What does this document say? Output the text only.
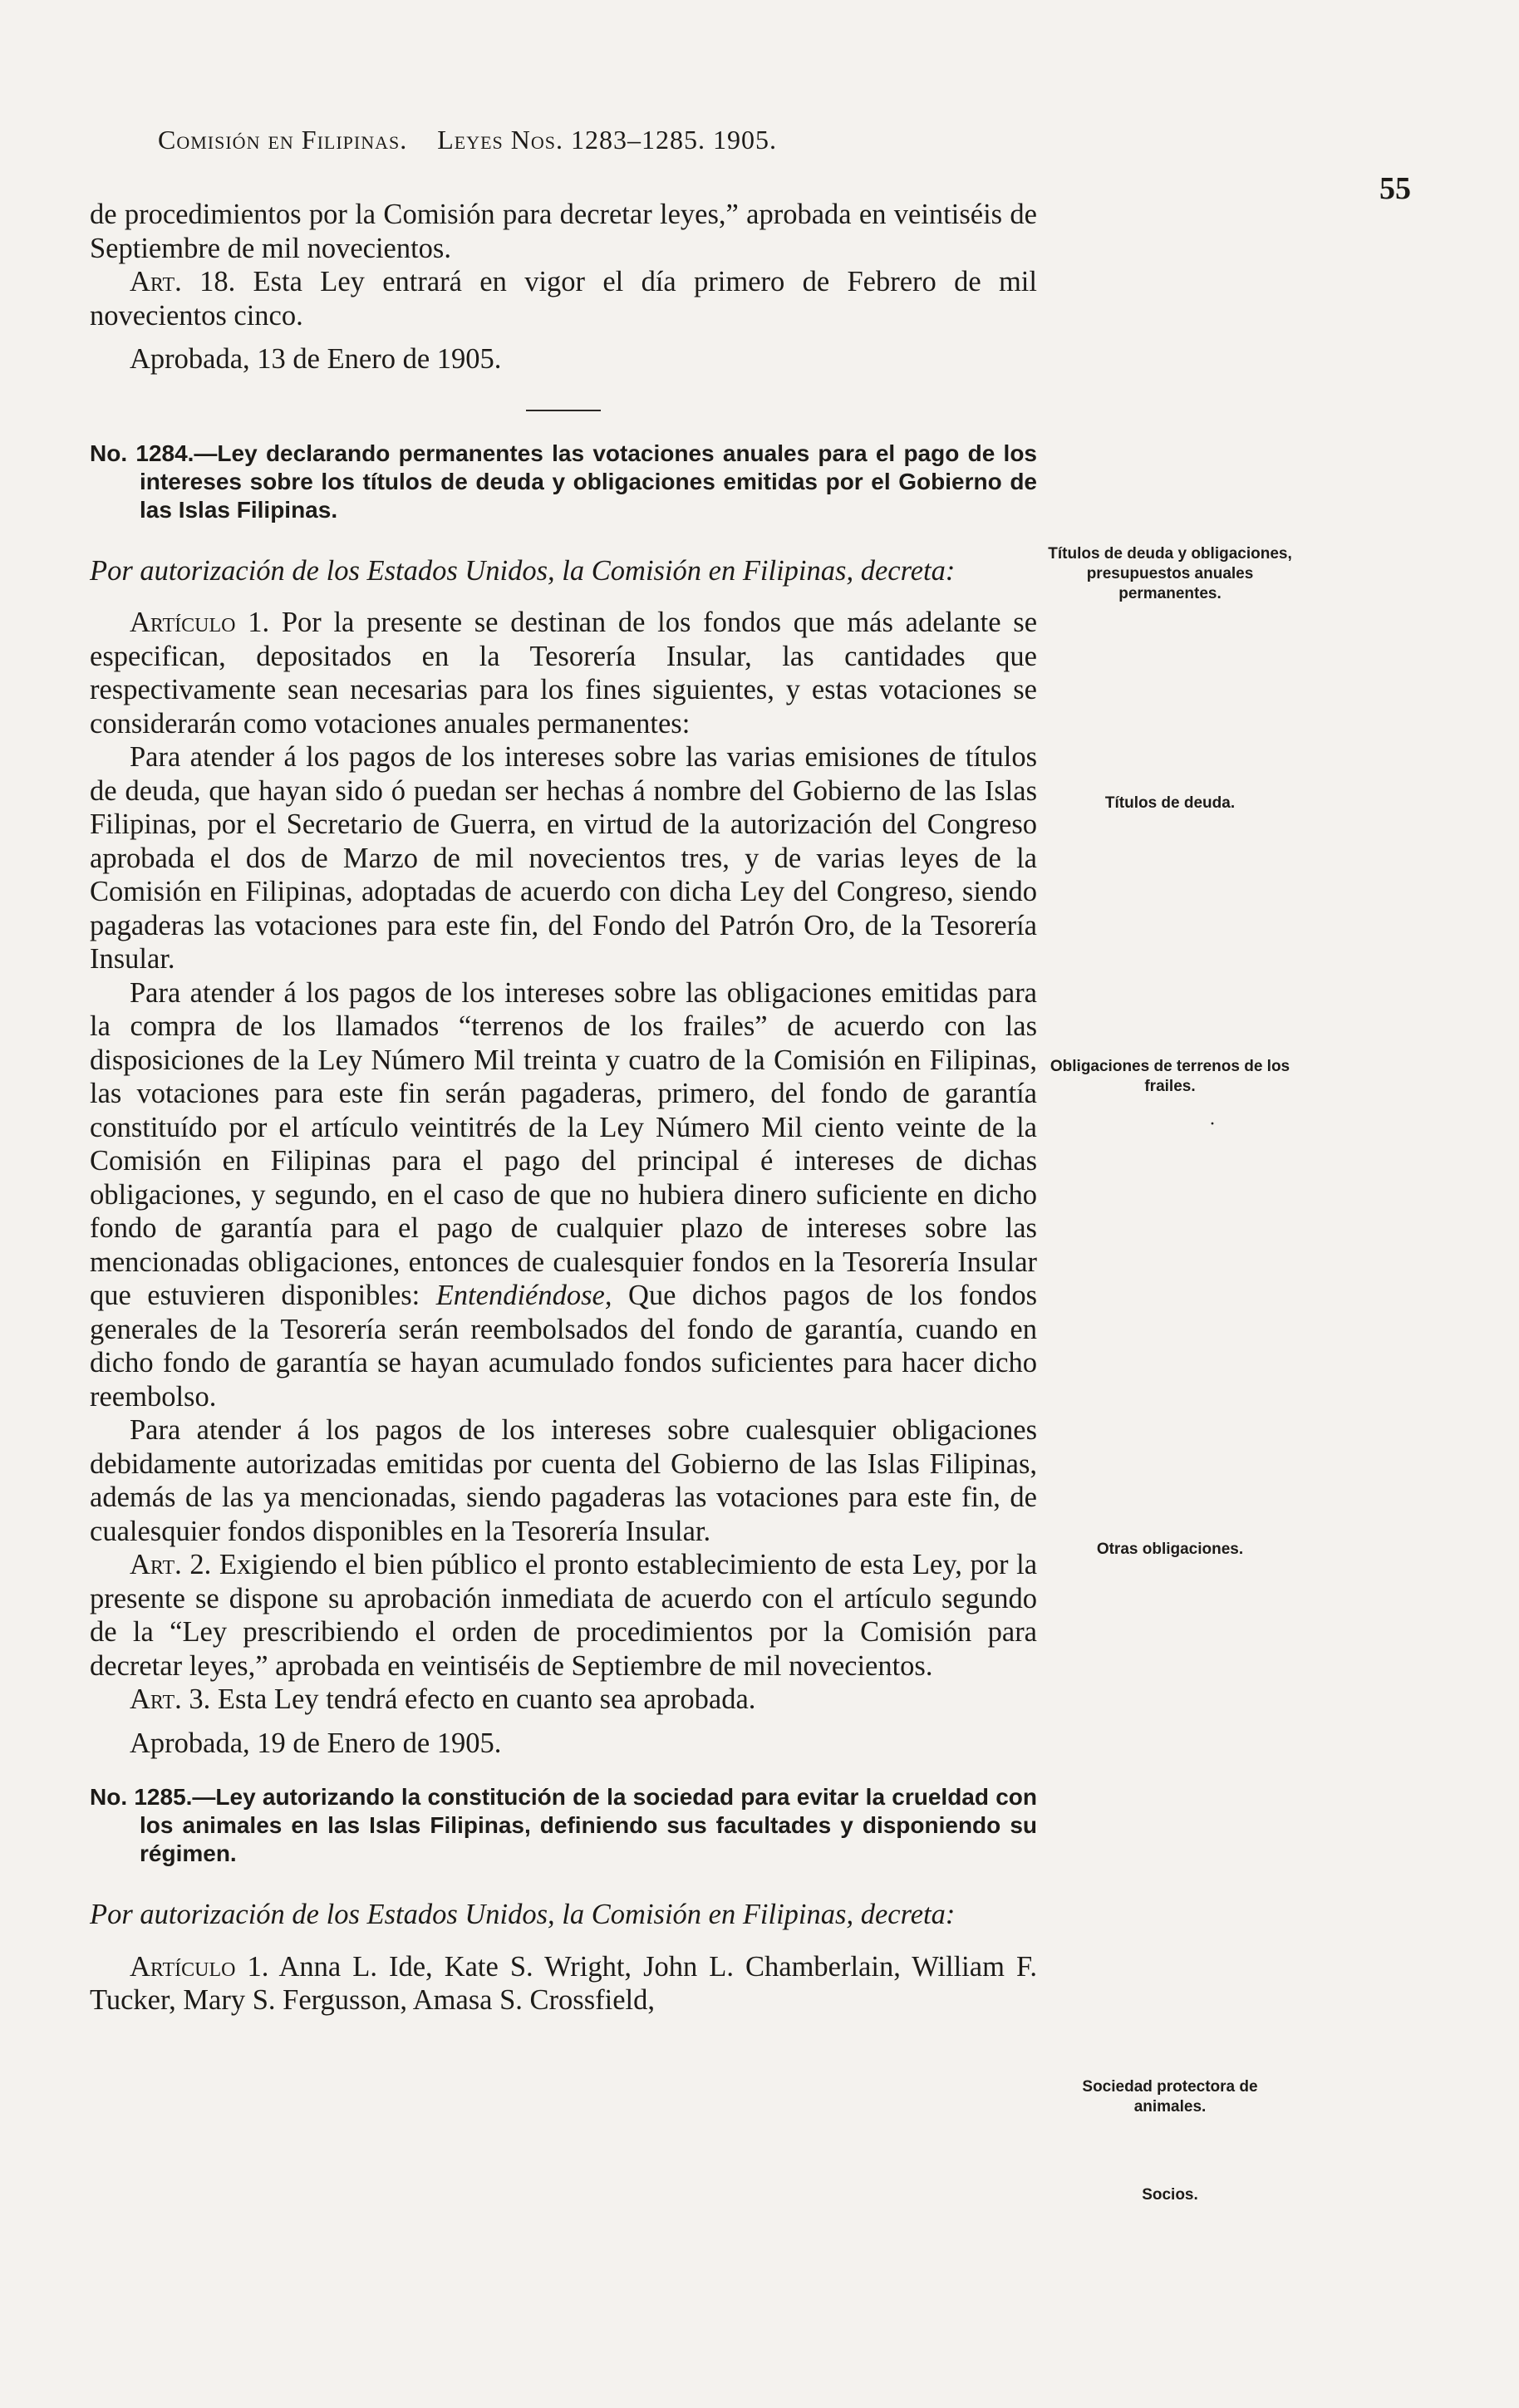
Comisión en Filipinas. Leyes Nos. 1283–1285. 1905.
55

de procedimientos por la Comisión para decretar leyes,” aprobada en veintiséis de Septiembre de mil novecientos.

Art. 18. Esta Ley entrará en vigor el día primero de Febrero de mil novecientos cinco.

Aprobada, 13 de Enero de 1905.

No. 1284.—Ley declarando permanentes las votaciones anuales para el pago de los intereses sobre los títulos de deuda y obligaciones emitidas por el Gobierno de las Islas Filipinas.

Por autorización de los Estados Unidos, la Comisión en Filipinas, decreta:

Artículo 1. Por la presente se destinan de los fondos que más adelante se especifican, depositados en la Tesorería Insular, las cantidades que respectivamente sean necesarias para los fines siguientes, y estas votaciones se considerarán como votaciones anuales permanentes:

Para atender á los pagos de los intereses sobre las varias emisiones de títulos de deuda, que hayan sido ó puedan ser hechas á nombre del Gobierno de las Islas Filipinas, por el Secretario de Guerra, en virtud de la autorización del Congreso aprobada el dos de Marzo de mil novecientos tres, y de varias leyes de la Comisión en Filipinas, adoptadas de acuerdo con dicha Ley del Congreso, siendo pagaderas las votaciones para este fin, del Fondo del Patrón Oro, de la Tesorería Insular.

Para atender á los pagos de los intereses sobre las obligaciones emitidas para la compra de los llamados “terrenos de los frailes” de acuerdo con las disposiciones de la Ley Número Mil treinta y cuatro de la Comisión en Filipinas, las votaciones para este fin serán pagaderas, primero, del fondo de garantía constituído por el artículo veintitrés de la Ley Número Mil ciento veinte de la Comisión en Filipinas para el pago del principal é intereses de dichas obligaciones, y segundo, en el caso de que no hubiera dinero suficiente en dicho fondo de garantía para el pago de cualquier plazo de intereses sobre las mencionadas obligaciones, entonces de cualesquier fondos en la Tesorería Insular que estuvieren disponibles: Entendiéndose, Que dichos pagos de los fondos generales de la Tesorería serán reembolsados del fondo de garantía, cuando en dicho fondo de garantía se hayan acumulado fondos suficientes para hacer dicho reembolso.

Para atender á los pagos de los intereses sobre cualesquier obligaciones debidamente autorizadas emitidas por cuenta del Gobierno de las Islas Filipinas, además de las ya mencionadas, siendo pagaderas las votaciones para este fin, de cualesquier fondos disponibles en la Tesorería Insular.

Art. 2. Exigiendo el bien público el pronto establecimiento de esta Ley, por la presente se dispone su aprobación inmediata de acuerdo con el artículo segundo de la “Ley prescribiendo el orden de procedimientos por la Comisión para decretar leyes,” aprobada en veintiséis de Septiembre de mil novecientos.

Art. 3. Esta Ley tendrá efecto en cuanto sea aprobada.

Aprobada, 19 de Enero de 1905.

No. 1285.—Ley autorizando la constitución de la sociedad para evitar la crueldad con los animales en las Islas Filipinas, definiendo sus facultades y disponiendo su régimen.

Por autorización de los Estados Unidos, la Comisión en Filipinas, decreta:

Artículo 1. Anna L. Ide, Kate S. Wright, John L. Chamberlain, William F. Tucker, Mary S. Fergusson, Amasa S. Crossfield,

Títulos de deuda y obligaciones, presupuestos anuales permanentes.
Títulos de deuda.
Obligaciones de terrenos de los frailes.
·
Otras obligaciones.
Sociedad protectora de animales.
Socios.
